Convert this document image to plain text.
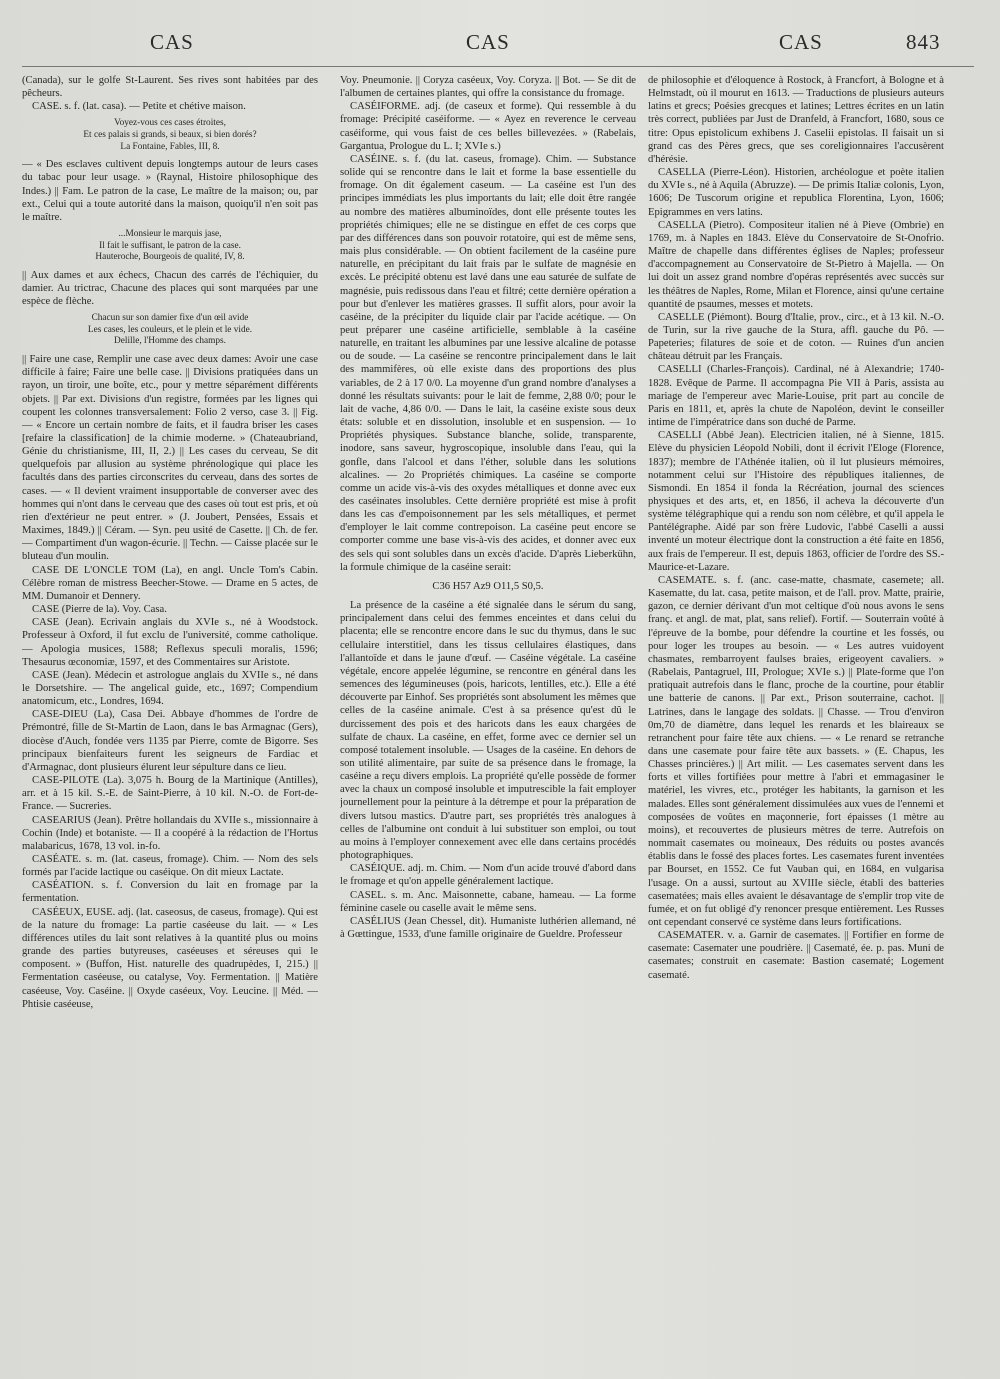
CAS	CAS	CAS	843

(Canada), sur le golfe St-Laurent. Ses rives sont habitées par des pêcheurs.

CASE. s. f. (lat. casa). — Petite et chétive maison.

Voyez-vous ces cases étroites,
Et ces palais si grands, si beaux, si bien dorés?
La Fontaine, Fables, III, 8.

— « Des esclaves cultivent depuis longtemps autour de leurs cases du tabac pour leur usage. » (Raynal, Histoire philosophique des Indes.) || Fam. Le patron de la case, Le maître de la maison; ou, par ext., Celui qui a toute autorité dans la maison, quoiqu'il n'en soit pas le maître.

...Monsieur le marquis jase,
Il fait le suffisant, le patron de la case.
Hauteroche, Bourgeois de qualité, IV, 8.

|| Aux dames et aux échecs, Chacun des carrés de l'échiquier, du damier. Au trictrac, Chacune des places qui sont marquées par une espèce de flèche.

Chacun sur son damier fixe d'un œil avide
Les cases, les couleurs, et le plein et le vide.
Delille, l'Homme des champs.

|| Faire une case, Remplir une case avec deux dames: Avoir une case difficile à faire; Faire une belle case. || Divisions pratiquées dans un rayon, un tiroir, une boîte, etc., pour y mettre séparément différents objets. || Par ext. Divisions d'un registre, formées par les lignes qui coupent les colonnes transversalement: Folio 2 verso, case 3. || Fig. — « Encore un certain nombre de faits, et il faudra briser les cases [refaire la classification] de la chimie moderne. » (Chateaubriand, Génie du christianisme, III, II, 2.) || Les cases du cerveau, Se dit quelquefois par allusion au système phrénologique qui place les facultés dans des parties circonscrites du cerveau, dans des sortes de cases. — « Il devient vraiment insupportable de converser avec des hommes qui n'ont dans le cerveau que des cases où tout est pris, et où rien d'extérieur ne peut entrer. » (J. Joubert, Pensées, Essais et Maximes, 1849.) || Céram. — Syn. peu usité de Casette. || Ch. de fer. — Compartiment d'un wagon-écurie. || Techn. — Caisse placée sur le bluteau d'un moulin.

CASE DE L'ONCLE TOM (La), en angl. Uncle Tom's Cabin. Célèbre roman de mistress Beecher-Stowe. — Drame en 5 actes, de MM. Dumanoir et Dennery.

CASE (Pierre de la). Voy. Casa.

CASE (Jean). Ecrivain anglais du XVIe s., né à Woodstock. Professeur à Oxford, il fut exclu de l'université, comme catholique. — Apologia musices, 1588; Reflexus speculi moralis, 1596; Thesaurus œconomiæ, 1597, et des Commentaires sur Aristote.

CASE (Jean). Médecin et astrologue anglais du XVIIe s., né dans le Dorsetshire. — The angelical guide, etc., 1697; Compendium anatomicum, etc., Londres, 1694.

CASE-DIEU (La), Casa Dei. Abbaye d'hommes de l'ordre de Prémontré, fille de St-Martin de Laon, dans le bas Armagnac (Gers), diocèse d'Auch, fondée vers 1135 par Pierre, comte de Bigorre. Ses principaux bienfaiteurs furent les seigneurs de Fardiac et d'Armagnac, dont plusieurs élurent leur sépulture dans ce lieu.

CASE-PILOTE (La). 3,075 h. Bourg de la Martinique (Antilles), arr. et à 15 kil. S.-E. de Saint-Pierre, à 10 kil. N.-O. de Fort-de-France. — Sucreries.

CASEARIUS (Jean). Prêtre hollandais du XVIIe s., missionnaire à Cochin (Inde) et botaniste. — Il a coopéré à la rédaction de l'Hortus malabaricus, 1678, 13 vol. in-fo.

CASÉATE. s. m. (lat. caseus, fromage). Chim. — Nom des sels formés par l'acide lactique ou caséique. On dit mieux Lactate.

CASÉATION. s. f. Conversion du lait en fromage par la fermentation.

CASÉEUX, EUSE. adj. (lat. caseosus, de caseus, fromage). Qui est de la nature du fromage: La partie caséeuse du lait. — « Les différences utiles du lait sont relatives à la quantité plus ou moins grande des parties butyreuses, caséeuses et séreuses qui le composent. » (Buffon, Hist. naturelle des quadrupèdes, I, 215.) || Fermentation caséeuse, ou catalyse, Voy. Fermentation. || Matière caséeuse, Voy. Caséine. || Oxyde caséeux, Voy. Leucine. || Méd. — Phtisie caséeuse,

Voy. Pneumonie. || Coryza caséeux, Voy. Coryza. || Bot. — Se dit de l'albumen de certaines plantes, qui offre la consistance du fromage.

CASÉIFORME. adj. (de caseux et forme). Qui ressemble à du fromage: Précipité caséiforme. — « Ayez en reverence le cerveau caséiforme, qui vous faist de ces belles billevezées. » (Rabelais, Gargantua, Prologue du L. I; XVIe s.)

CASÉINE. s. f. (du lat. caseus, fromage). Chim. — Substance solide qui se rencontre dans le lait et forme la base essentielle du fromage. On dit également caseum. — La caséine est l'un des principes immédiats les plus importants du lait; elle doit être rangée au nombre des matières albuminoïdes, dont elle présente toutes les propriétés chimiques; elle ne se distingue en effet de ces corps que par des différences dans son pouvoir rotatoire, qui est de même sens, mais plus considérable. — On obtient facilement de la caséine pure naturelle, en précipitant du lait frais par le sulfate de magnésie en excès. Le précipité obtenu est lavé dans une eau saturée de sulfate de magnésie, puis redissous dans l'eau et filtré; cette dernière opération a pour but d'enlever les matières grasses. Il suffit alors, pour avoir la caséine, de la précipiter du liquide clair par l'acide acétique. — On peut préparer une caséine artificielle, semblable à la caséine naturelle, en traitant les albumines par une lessive alcaline de potasse ou de soude. — La caséine se rencontre principalement dans le lait des mammifères, où elle existe dans des proportions des plus variables, de 2 à 17 0/0. La moyenne d'un grand nombre d'analyses a donné les résultats suivants: pour le lait de femme, 2,88 0/0; pour le lait de vache, 4,86 0/0. — Dans le lait, la caséine existe sous deux états: soluble et en dissolution, insoluble et en suspension. — 1o Propriétés physiques. Substance blanche, solide, transparente, inodore, sans saveur, hygroscopique, insoluble dans l'eau, qui la gonfle, dans l'alcool et dans l'éther, soluble dans les solutions alcalines. — 2o Propriétés chimiques. La caséine se comporte comme un acide vis-à-vis des oxydes métalliques et donne avec eux des caséinates insolubles. Cette dernière propriété est mise à profit dans les cas d'empoisonnement par les sels métalliques, et permet d'employer le lait comme contrepoison. La caséine peut encore se comporter comme une base vis-à-vis des acides, et donner avec eux des sels qui sont solubles dans un excès d'acide. D'après Lieberkühn, la formule chimique de la caséine serait:

C36 H57 Az9 O11,5 S0,5.

La présence de la caséine a été signalée dans le sérum du sang, principalement dans celui des femmes enceintes et dans celui du placenta; elle se rencontre encore dans le suc du thymus, dans le suc cellulaire interstitiel, dans les tissus cellulaires élastiques, dans l'allantoïde et dans le jaune d'œuf. — Caséine végétale. La caséine végétale, encore appelée légumine, se rencontre en général dans les semences des légumineuses (pois, haricots, lentilles, etc.). Elle a été découverte par Einhof. Ses propriétés sont absolument les mêmes que celles de la caséine animale. C'est à sa présence qu'est dû le durcissement des pois et des haricots dans les eaux chargées de sulfate de chaux. La caséine, en effet, forme avec ce dernier sel un composé totalement insoluble. — Usages de la caséine. En dehors de son utilité alimentaire, par suite de sa présence dans le fromage, la caséine a reçu divers emplois. La propriété qu'elle possède de former avec la chaux un composé insoluble et imputrescible la fait employer journellement pour la peinture à la détrempe et pour la préparation de divers lutsou mastics. D'autre part, ses propriétés très analogues à celles de l'albumine ont conduit à lui substituer son emploi, ou tout au moins à l'employer connexement avec elle dans certains procédés photographiques.

CASÉIQUE. adj. m. Chim. — Nom d'un acide trouvé d'abord dans le fromage et qu'on appelle généralement lactique.

CASEL. s. m. Anc. Maisonnette, cabane, hameau. — La forme féminine casele ou caselle avait le même sens.

CASÉLIUS (Jean Chessel, dit). Humaniste luthérien allemand, né à Gœttingue, 1533, d'une famille originaire de Gueldre. Professeur

de philosophie et d'éloquence à Rostock, à Francfort, à Bologne et à Helmstadt, où il mourut en 1613. — Traductions de plusieurs auteurs latins et grecs; Poésies grecques et latines; Lettres écrites en un latin très correct, publiées par Just de Dranfeld, à Francfort, 1680, sous ce titre: Opus epistolicum exhibens J. Caselii epistolas. Il faisait un si grand cas des Pères grecs, que ses coreligionnaires l'accusèrent d'hérésie.

CASELLA (Pierre-Léon). Historien, archéologue et poète italien du XVIe s., né à Aquila (Abruzze). — De primis Italiæ colonis, Lyon, 1606; De Tuscorum origine et republica Florentina, Lyon, 1606; Epigrammes en vers latins.

CASELLA (Pietro). Compositeur italien né à Pieve (Ombrie) en 1769, m. à Naples en 1843. Elève du Conservatoire de St-Onofrio. Maître de chapelle dans différentes églises de Naples; professeur d'accompagnement au Conservatoire de St-Pietro à Majella. — On lui doit un assez grand nombre d'opéras représentés avec succès sur les théâtres de Naples, Rome, Milan et Florence, ainsi qu'une certaine quantité de psaumes, messes et motets.

CASELLE (Piémont). Bourg d'Italie, prov., circ., et à 13 kil. N.-O. de Turin, sur la rive gauche de la Stura, affl. gauche du Pô. — Papeteries; filatures de soie et de coton. — Ruines d'un ancien château détruit par les Français.

CASELLI (Charles-François). Cardinal, né à Alexandrie; 1740-1828. Evêque de Parme. Il accompagna Pie VII à Paris, assista au mariage de l'empereur avec Marie-Louise, prit part au concile de Paris en 1811, et, après la chute de Napoléon, devint le conseiller intime de l'impératrice dans son duché de Parme.

CASELLI (Abbé Jean). Electricien italien, né à Sienne, 1815. Elève du physicien Léopold Nobili, dont il écrivit l'Eloge (Florence, 1837); membre de l'Athénée italien, où il lut plusieurs mémoires, notamment celui sur l'Histoire des républiques italiennes, de Sismondi. En 1854 il fonda la Récréation, journal des sciences physiques et des arts, et, en 1856, il acheva la découverte d'un système télégraphique qui a rendu son nom célèbre, et qu'il appela le Pantélégraphe. Aidé par son frère Ludovic, l'abbé Caselli a aussi inventé un moteur électrique dont la construction a été faite en 1856, aux frais de l'empereur. Il est, depuis 1863, officier de l'ordre des SS.-Maurice-et-Lazare.

CASEMATE. s. f. (anc. case-matte, chasmate, casemete; all. Kasematte, du lat. casa, petite maison, et de l'all. prov. Matte, prairie, gazon, ce dernier dérivant d'un mot celtique d'où nous avons le sens franç. et angl. de mat, plat, sans relief). Fortif. — Souterrain voûté à l'épreuve de la bombe, pour défendre la courtine et les fossés, ou pour loger les troupes au besoin. — « Les autres vuidoyent chasmates, rembarroyent faulses braies, erigeoyent cavaliers. » (Rabelais, Pantagruel, III, Prologue; XVIe s.) || Plate-forme que l'on pratiquait autrefois dans le flanc, proche de la courtine, pour établir une batterie de canons. || Par ext., Prison souterraine, cachot. || Latrines, dans le langage des soldats. || Chasse. — Trou d'environ 0m,70 de diamètre, dans lequel les renards et les blaireaux se retranchent pour faire tête aux chiens. — « Le renard se retranche dans une casemate pour faire tête aux bassets. » (E. Chapus, les Chasses princières.) || Art milit. — Les casemates servent dans les forts et villes fortifiées pour mettre à l'abri et emmagasiner le matériel, les vivres, etc., protéger les habitants, la garnison et les malades. Elles sont généralement dissimulées aux vues de l'ennemi et composées de voûtes en maçonnerie, fort épaisses (1 mètre au moins), et recouvertes de plusieurs mètres de terre. Autrefois on nommait casemates ou moineaux, Des réduits ou postes avancés établis dans le fossé des places fortes. Les casemates furent inventées par Bourset, en 1552. Ce fut Vauban qui, en 1684, en vulgarisa l'usage. On a aussi, surtout au XVIIIe siècle, établi des batteries casematées; mais elles avaient le désavantage de s'emplir trop vite de fumée, et on fut obligé d'y renoncer presque entièrement. Les Russes ont cependant conservé ce système dans leurs fortifications.

CASEMATER. v. a. Garnir de casemates. || Fortifier en forme de casemate: Casemater une poudrière. || Casematé, ée. p. pas. Muni de casemates; construit en casemate: Bastion casematé; Logement casematé.
